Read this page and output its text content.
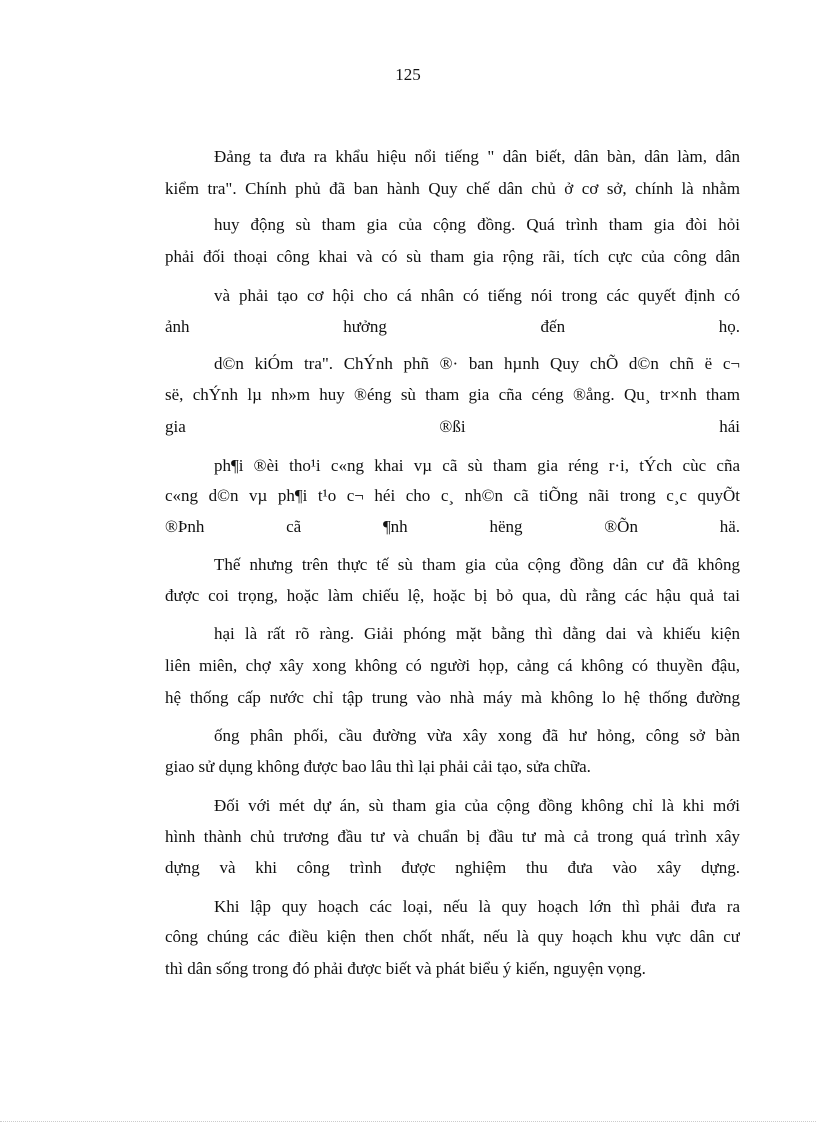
125
Đảng ta đưa ra khẩu hiệu nổi tiếng " dân biết, dân bàn, dân làm, dân
kiểm tra". Chính phủ đã ban hành Quy chế dân chủ ở cơ sở, chính là nhằm
huy động sù tham gia của cộng đồng. Quá trình tham gia đòi hỏi
phải đối thoại công khai và có sù tham gia rộng rãi, tích cực của công dân
và phải tạo cơ hội cho cá nhân có tiếng nói trong các quyết định có
ảnh hưởng đến họ.
d©n kiÓm tra". ChÝnh phñ ®· ban hµnh Quy chÕ d©n chñ ë c¬
së, chÝnh lµ nh»m huy ®éng sù tham gia cña céng ®ång. Qu¸ tr×nh tham
gia ®ßi hái
ph¶i ®èi tho¹i c«ng khai vµ cã sù tham gia réng r·i, tÝch cùc cña
c«ng d©n vµ ph¶i t¹o c¬ héi cho c¸ nh©n cã tiÕng nãi trong c¸c quyÕt
®Þnh cã ¶nh hëng ®Õn hä.
Thế nhưng trên thực tế sù tham gia của cộng đồng dân cư đã không
được coi trọng, hoặc làm chiếu lệ, hoặc bị bỏ qua, dù rằng các hậu quả tai
hại là rất rõ ràng. Giải phóng mặt bằng thì dằng dai và khiếu kiện
liên miên, chợ xây xong không có người họp, cảng cá không có thuyền đậu,
hệ thống cấp nước chỉ tập trung vào nhà máy mà không lo hệ thống đường
ống phân phối, cầu đường vừa xây xong đã hư hỏng, công sở bàn
giao sử dụng không được bao lâu thì lại phải cải tạo, sửa chữa.
Đối với mét dự án, sù tham gia của cộng đồng không chỉ là khi mới
hình thành chủ trương đầu tư và chuẩn bị đầu tư mà cả trong quá trình xây
dựng và khi công trình được nghiệm thu đưa vào xây dựng.
Khi lập quy hoạch các loại, nếu là quy hoạch lớn thì phải đưa ra
công chúng các điều kiện then chốt nhất, nếu là quy hoạch khu vực dân cư
thì dân sống trong đó phải được biết và phát biểu ý kiến, nguyện vọng.
